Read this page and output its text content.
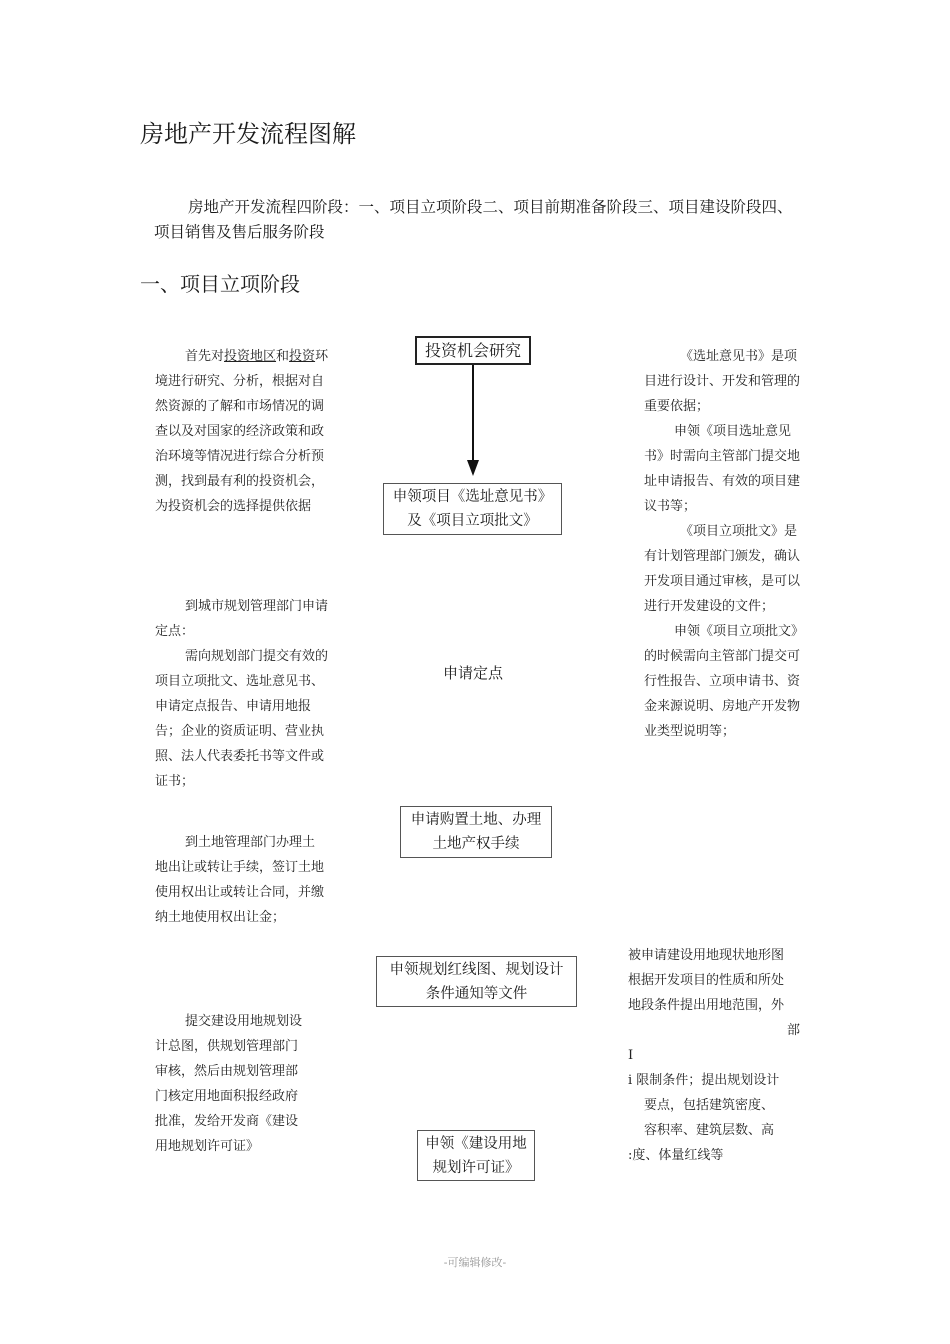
房地产开发流程图解
房地产开发流程四阶段：一、项目立项阶段二、项目前期准备阶段三、项目建设阶段四、项目销售及售后服务阶段
一、项目立项阶段

首先对投资地区和投资环境进行研究、分析，根据对自然资源的了解和市场情况的调查以及对国家的经济政策和政治环境等情况进行综合分析预测，找到最有利的投资机会，为投资机会的选择提供依据

到城市规划管理部门申请定点：

需向规划部门提交有效的项目立项批文、选址意见书、申请定点报告、申请用地报告；企业的资质证明、营业执照、法人代表委托书等文件或证书；

到土地管理部门办理土地出让或转让手续，签订土地使用权出让或转让合同，并缴纳土地使用权出让金；

提交建设用地规划设计总图，供规划管理部门审核，然后由规划管理部门核定用地面积报经政府批准，发给开发商《建设用地规划许可证》

《选址意见书》是项目进行设计、开发和管理的重要依据；

申领《项目选址意见书》时需向主管部门提交地址申请报告、有效的项目建议书等；

《项目立项批文》是有计划管理部门颁发，确认开发项目通过审核，是可以进行开发建设的文件；

申领《项目立项批文》的时候需向主管部门提交可行性报告、立项申请书、资金来源说明、房地产开发物业类型说明等；

被申请建设用地现状地形图

根据开发项目的性质和所处

地段条件提出用地范围，外

部

I

i 限制条件；提出规划设计

要点，包括建筑密度、

容积率、建筑层数、高

:度、体量红线等

投资机会研究
申领项目《选址意见书》
及《项目立项批文》
申请定点
申请购置土地、办理
土地产权手续
申领规划红线图、规划设计
条件通知等文件
申领《建设用地
规划许可证》
-可编辑修改-
